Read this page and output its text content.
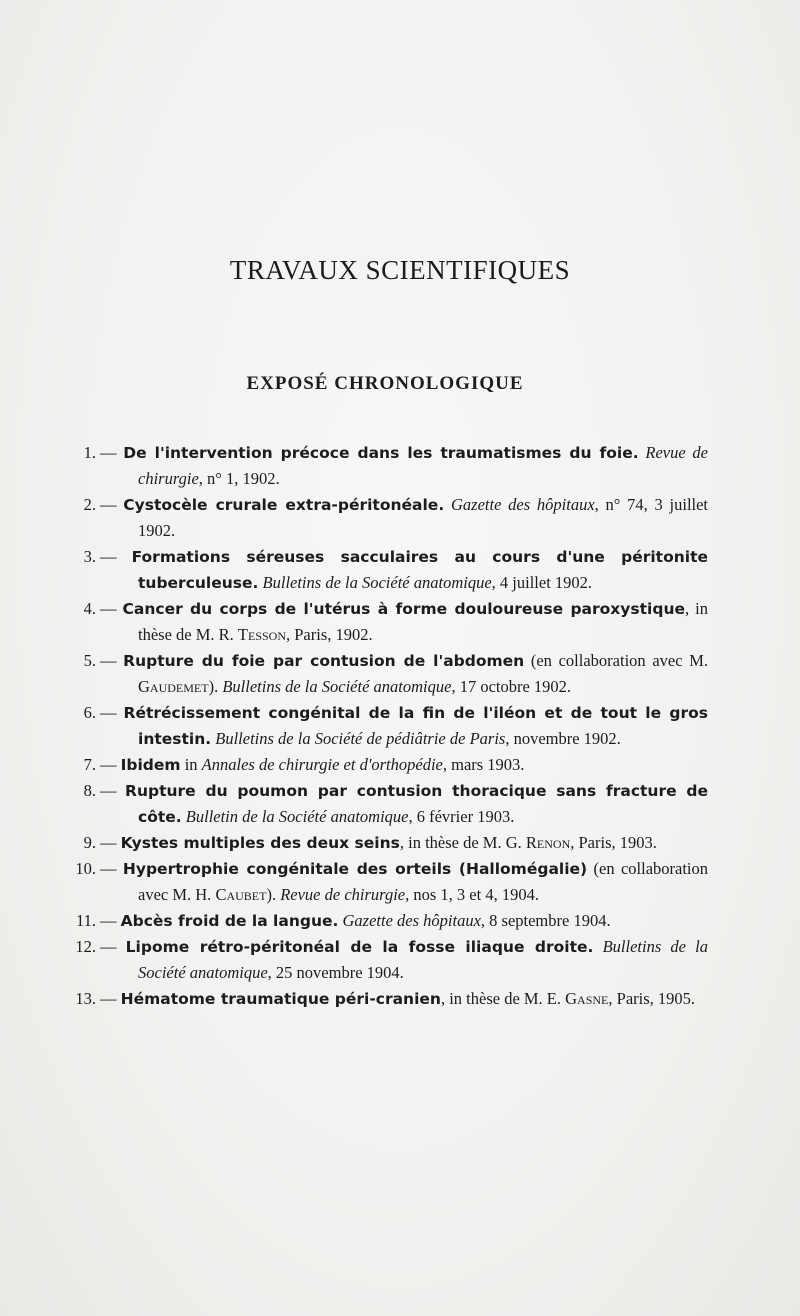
TRAVAUX SCIENTIFIQUES
EXPOSÉ CHRONOLOGIQUE
1. — De l'intervention précoce dans les traumatismes du foie. Revue de chirurgie, n° 1, 1902.
2. — Cystocèle crurale extra-péritonéale. Gazette des hôpitaux, n° 74, 3 juillet 1902.
3. — Formations séreuses sacculaires au cours d'une péritonite tuberculeuse. Bulletins de la Société anatomique, 4 juillet 1902.
4. — Cancer du corps de l'utérus à forme douloureuse paroxystique, in thèse de M. R. Tesson, Paris, 1902.
5. — Rupture du foie par contusion de l'abdomen (en collaboration avec M. Gaudemet). Bulletins de la Société anatomique, 17 octobre 1902.
6. — Rétrécissement congénital de la fin de l'iléon et de tout le gros intestin. Bulletins de la Société de pédiâtrie de Paris, novembre 1902.
7. — Ibidem in Annales de chirurgie et d'orthopédie, mars 1903.
8. — Rupture du poumon par contusion thoracique sans fracture de côte. Bulletin de la Société anatomique, 6 février 1903.
9. — Kystes multiples des deux seins, in thèse de M. G. Renon, Paris, 1903.
10. — Hypertrophie congénitale des orteils (Hallomégalie) (en collaboration avec M. H. Caubet). Revue de chirurgie, nos 1, 3 et 4, 1904.
11. — Abcès froid de la langue. Gazette des hôpitaux, 8 septembre 1904.
12. — Lipome rétro-péritonéal de la fosse iliaque droite. Bulletins de la Société anatomique, 25 novembre 1904.
13. — Hématome traumatique péri-cranien, in thèse de M. E. Gasne, Paris, 1905.
